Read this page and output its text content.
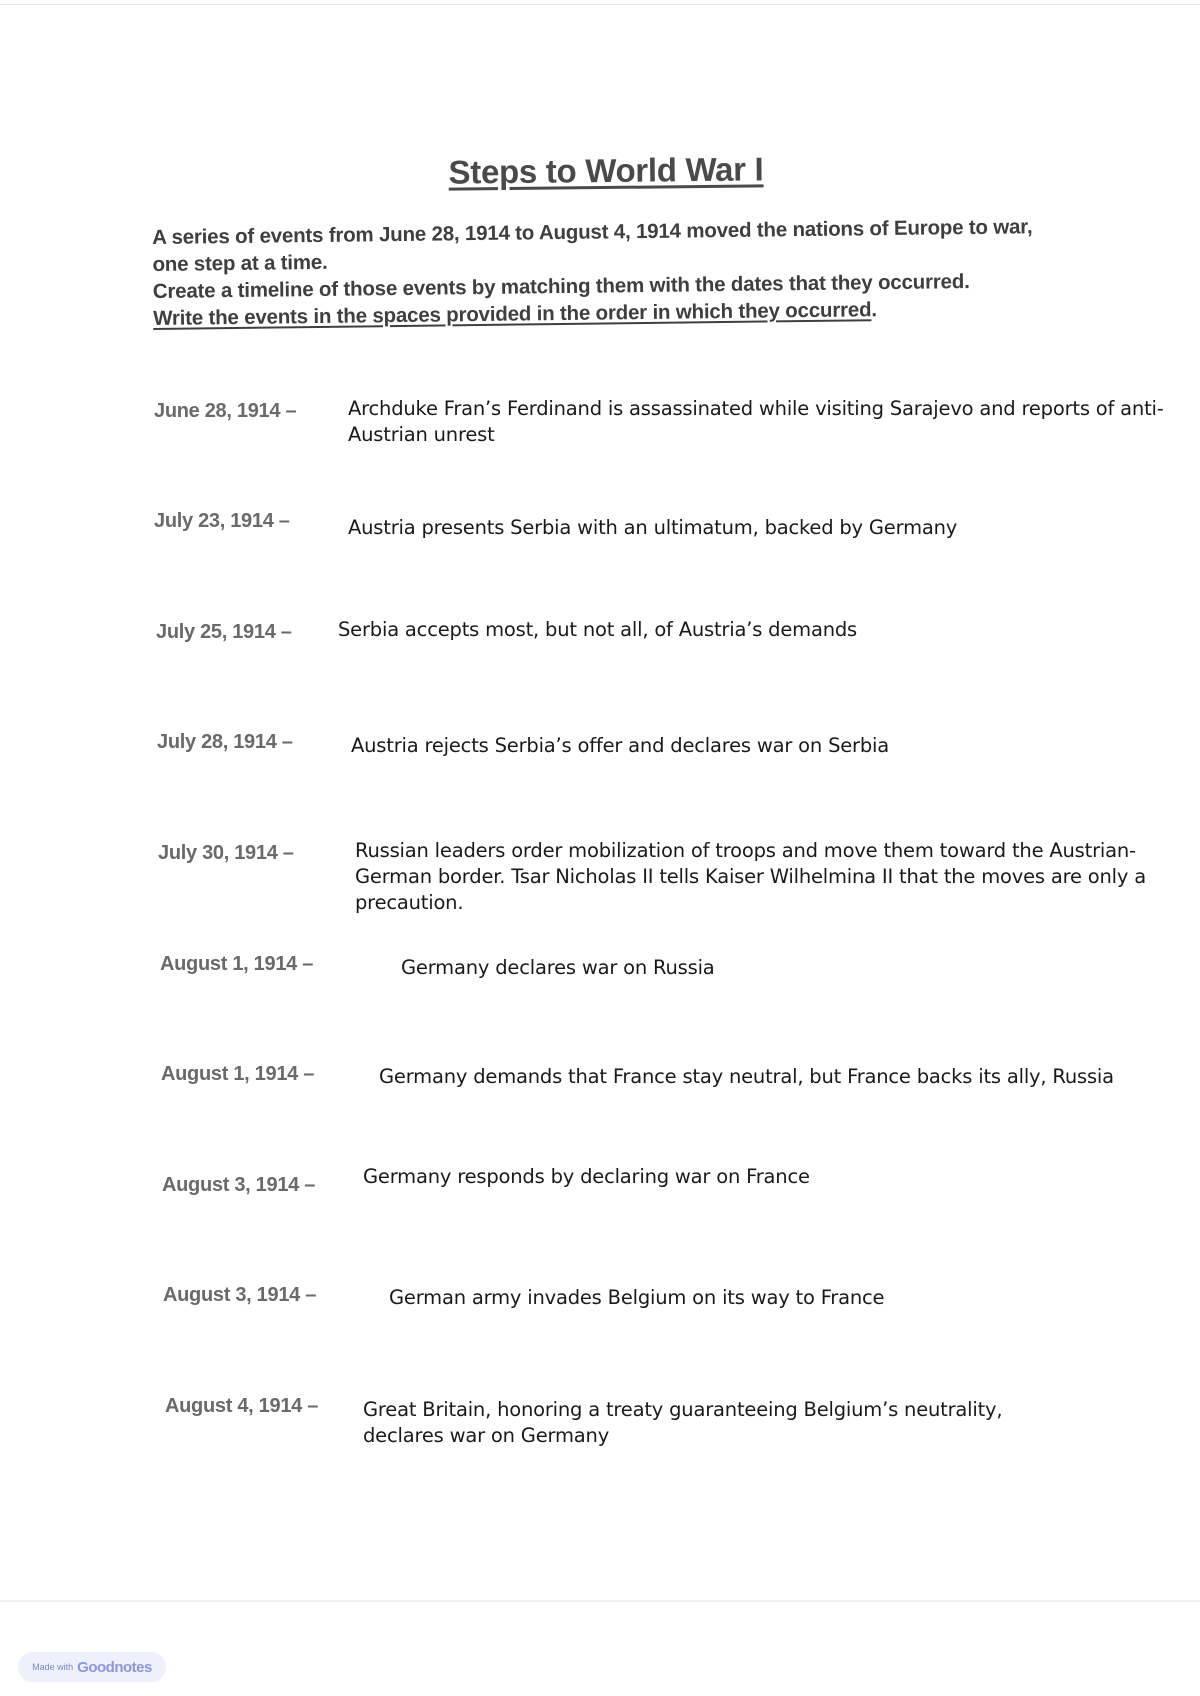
Steps to World War I

A series of events from June 28, 1914 to August 4, 1914 moved the nations of Europe to war,

one step at a time.

Create a timeline of those events by matching them with the dates that they occurred.

Write the events in the spaces provided in the order in which they occurred.

June 28, 1914 –	Archduke Fran’s Ferdinand is assassinated while visiting Sarajevo and reports of anti-Austrian unrest
July 23, 1914 –	Austria presents Serbia with an ultimatum, backed by Germany
July 25, 1914 – Serbia accepts most, but not all, of Austria’s demands
July 28, 1914 –	Austria rejects Serbia’s offer and declares war on Serbia
July 30, 1914 –	Russian leaders order mobilization of troops and move them toward the Austrian-German border. Tsar Nicholas II tells Kaiser Wilhelmina II that the moves are only a precaution.
August 1, 1914 –	Germany declares war on Russia
August 1, 1914 –	Germany demands that France stay neutral, but France backs its ally, Russia
August 3, 1914 – Germany responds by declaring war on France
August 3, 1914 –	German army invades Belgium on its way to France
August 4, 1914 – Great Britain, honoring a treaty guaranteeing Belgium’s neutrality, declares war on Germany
Made with Goodnotes
